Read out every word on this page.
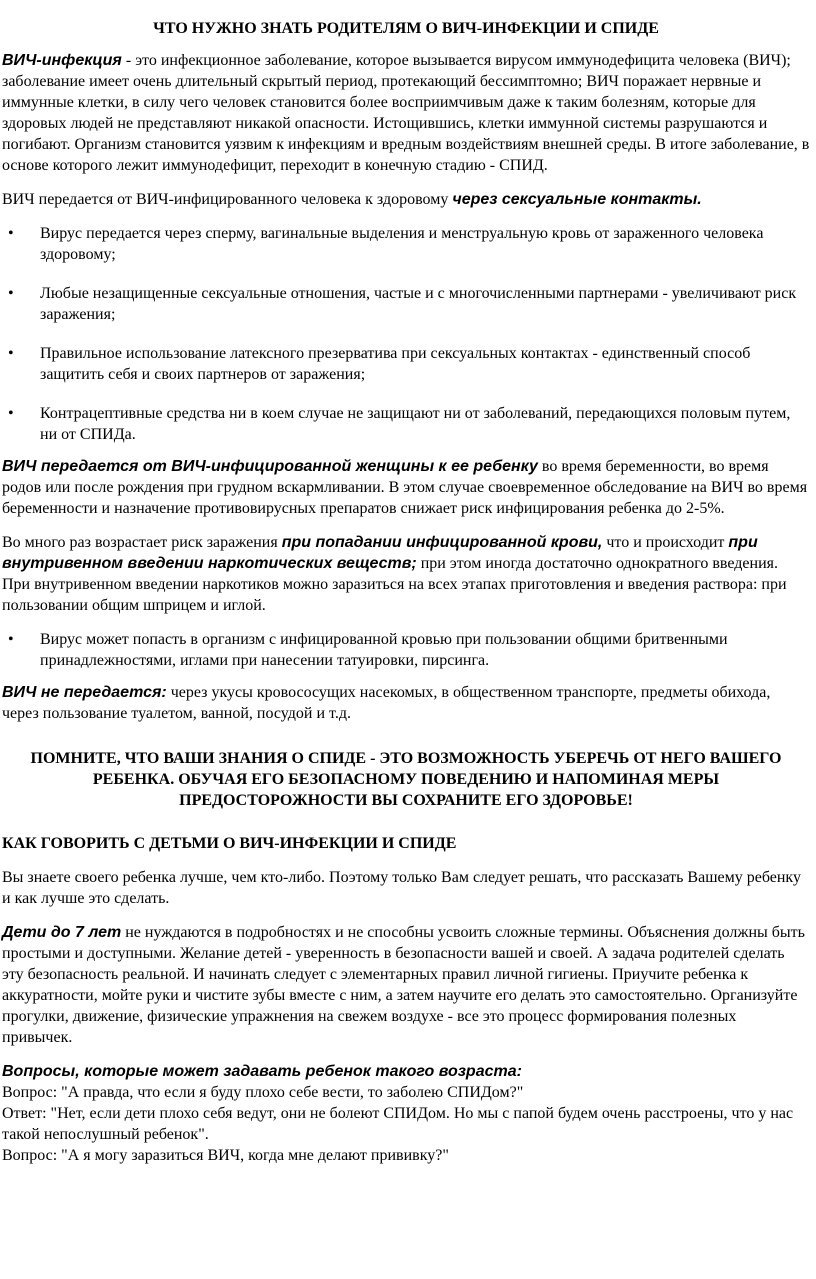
ЧТО НУЖНО ЗНАТЬ РОДИТЕЛЯМ О ВИЧ-ИНФЕКЦИИ И СПИДЕ

ВИЧ-инфекция - это инфекционное заболевание, которое вызывается вирусом иммунодефицита человека (ВИЧ); заболевание имеет очень длительный скрытый период, протекающий бессимптомно; ВИЧ поражает нервные и иммунные клетки, в силу чего человек становится более восприимчивым даже к таким болезням, которые для здоровых людей не представляют никакой опасности. Истощившись, клетки иммунной системы разрушаются и погибают. Организм становится уязвим к инфекциям и вредным воздействиям внешней среды. В итоге заболевание, в основе которого лежит иммунодефицит, переходит в конечную стадию - СПИД.

ВИЧ передается от ВИЧ-инфицированного человека к здоровому через сексуальные контакты.

• Вирус передается через сперму, вагинальные выделения и менструальную кровь от зараженного человека здоровому;
• Любые незащищенные сексуальные отношения, частые и с многочисленными партнерами - увеличивают риск заражения;
• Правильное использование латексного презерватива при сексуальных контактах - единственный способ защитить себя и своих партнеров от заражения;
• Контрацептивные средства ни в коем случае не защищают ни от заболеваний, передающихся половым путем, ни от СПИДа.

ВИЧ передается от ВИЧ-инфицированной женщины к ее ребенку во время беременности, во время родов или после рождения при грудном вскармливании. В этом случае своевременное обследование на ВИЧ во время беременности и назначение противовирусных препаратов снижает риск инфицирования ребенка до 2-5%.

Во много раз возрастает риск заражения при попадании инфицированной крови, что и происходит при внутривенном введении наркотических веществ; при этом иногда достаточно однократного введения. При внутривенном введении наркотиков можно заразиться на всех этапах приготовления и введения раствора: при пользовании общим шприцем и иглой.

• Вирус может попасть в организм с инфицированной кровью при пользовании общими бритвенными принадлежностями, иглами при нанесении татуировки, пирсинга.

ВИЧ не передается: через укусы кровососущих насекомых, в общественном транспорте, предметы обихода, через пользование туалетом, ванной, посудой и т.д.

ПОМНИТЕ, ЧТО ВАШИ ЗНАНИЯ О СПИДЕ - ЭТО ВОЗМОЖНОСТЬ УБЕРЕЧЬ ОТ НЕГО ВАШЕГО РЕБЕНКА. ОБУЧАЯ ЕГО БЕЗОПАСНОМУ ПОВЕДЕНИЮ И НАПОМИНАЯ МЕРЫ ПРЕДОСТОРОЖНОСТИ ВЫ СОХРАНИТЕ ЕГО ЗДОРОВЬЕ!
КАК ГОВОРИТЬ С ДЕТЬМИ О ВИЧ-ИНФЕКЦИИ И СПИДЕ

Вы знаете своего ребенка лучше, чем кто-либо. Поэтому только Вам следует решать, что рассказать Вашему ребенку и как лучше это сделать.

Дети до 7 лет не нуждаются в подробностях и не способны усвоить сложные термины. Объяснения должны быть простыми и доступными. Желание детей - уверенность в безопасности вашей и своей. А задача родителей сделать эту безопасность реальной. И начинать следует с элементарных правил личной гигиены. Приучите ребенка к аккуратности, мойте руки и чистите зубы вместе с ним, а затем научите его делать это самостоятельно. Организуйте прогулки, движение, физические упражнения на свежем воздухе - все это процесс формирования полезных привычек.

Вопросы, которые может задавать ребенок такого возраста:
Вопрос: "А правда, что если я буду плохо себе вести, то заболею СПИДом?"
Ответ: "Нет, если дети плохо себя ведут, они не болеют СПИДом. Но мы с папой будем очень расстроены, что у нас такой непослушный ребенок".
Вопрос: "А я могу заразиться ВИЧ, когда мне делают прививку?"
